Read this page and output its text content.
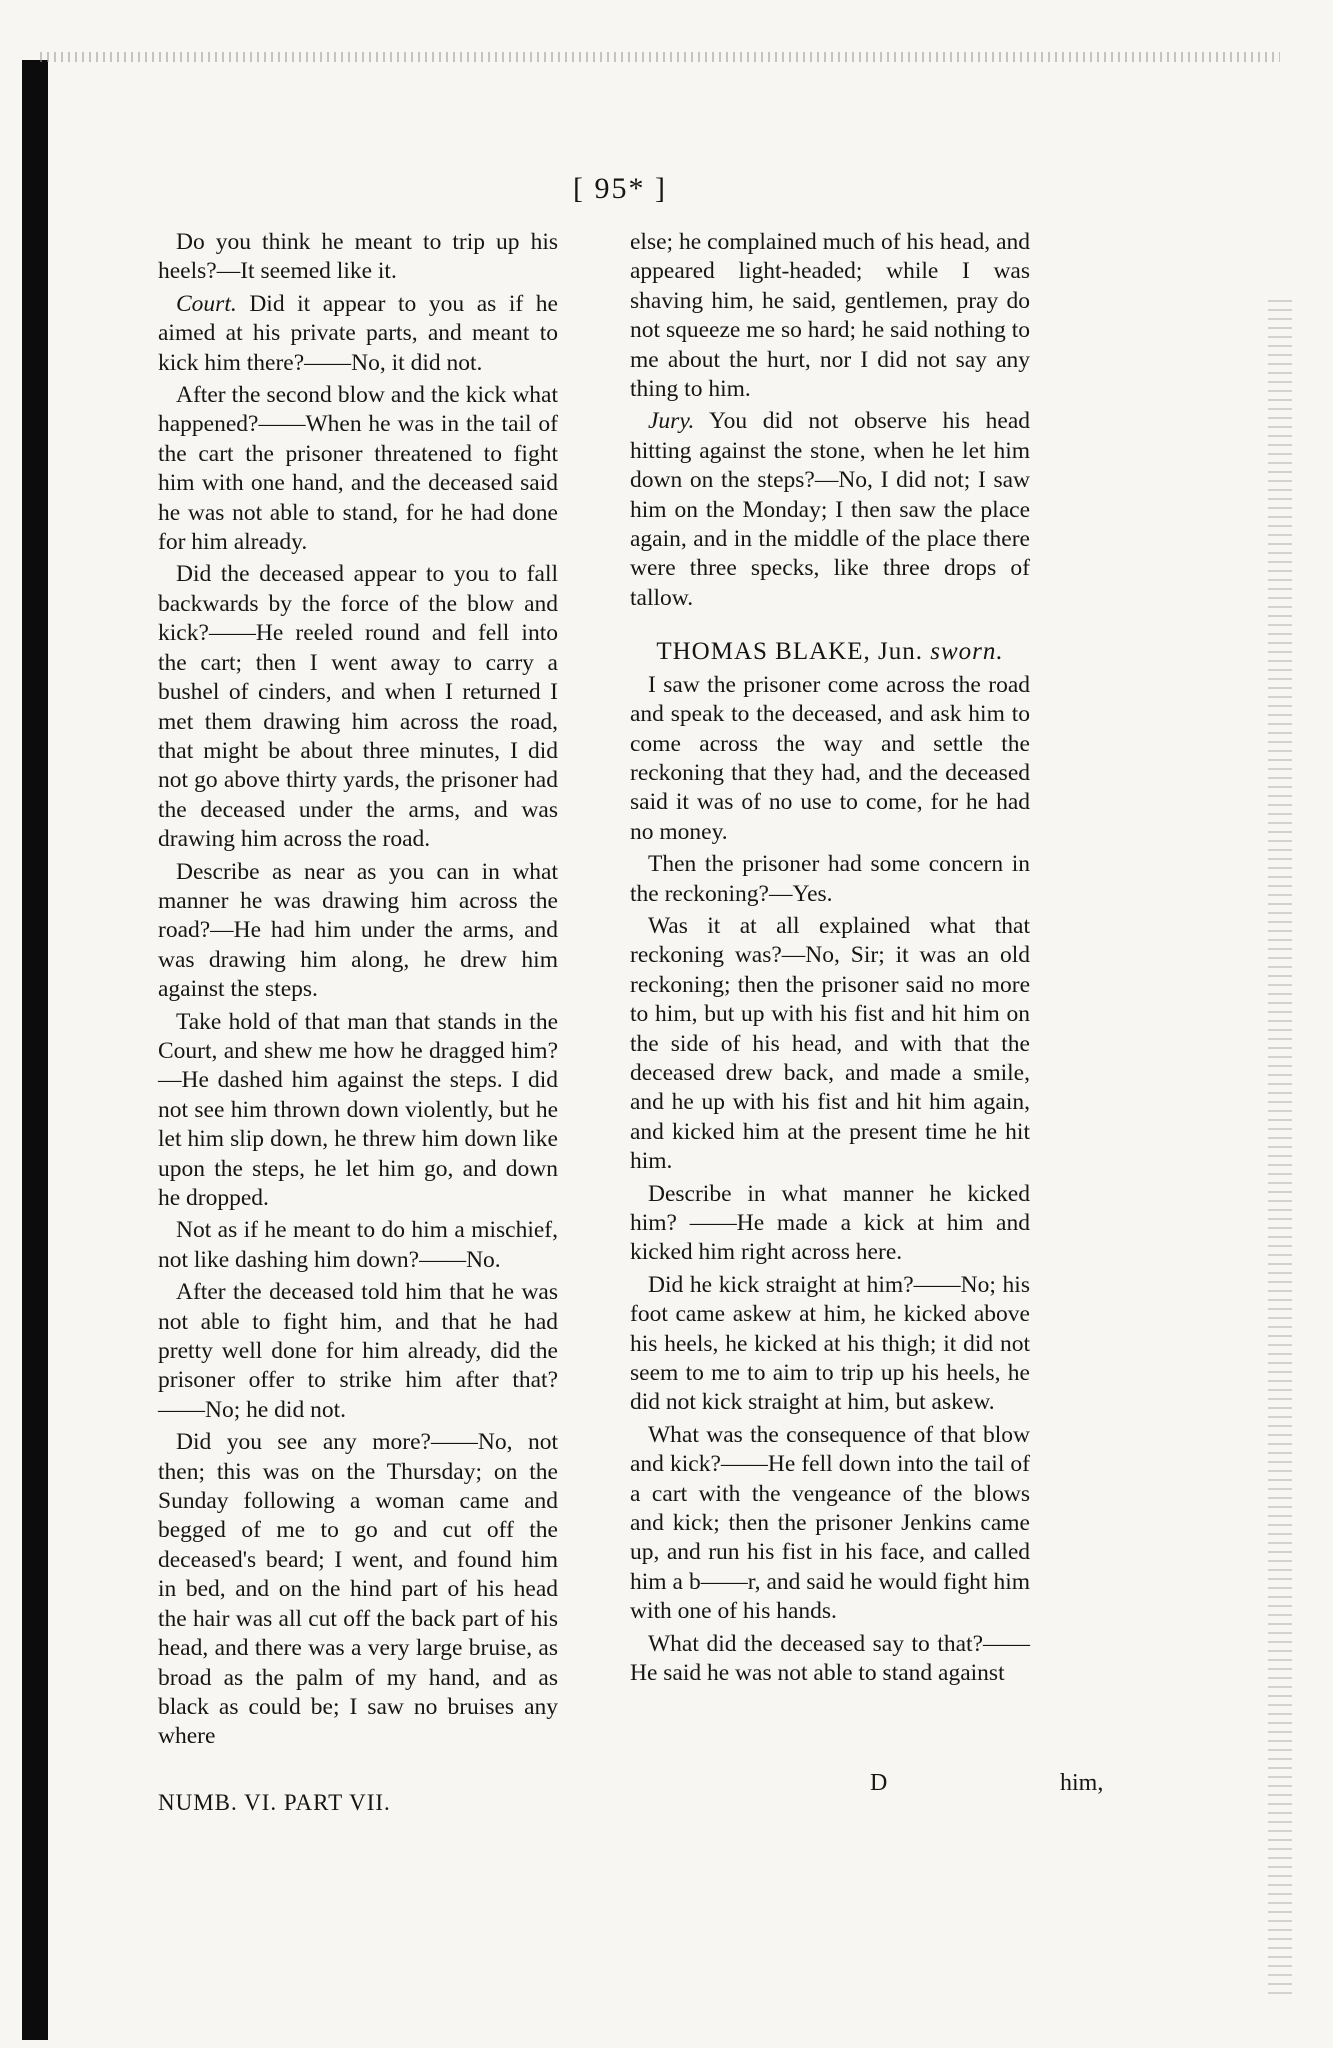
[ 95* ]

Do you think he meant to trip up his heels?—It seemed like it.

Court. Did it appear to you as if he aimed at his private parts, and meant to kick him there?——No, it did not.

After the second blow and the kick what happened?——When he was in the tail of the cart the prisoner threatened to fight him with one hand, and the deceased said he was not able to stand, for he had done for him already.

Did the deceased appear to you to fall backwards by the force of the blow and kick?——He reeled round and fell into the cart; then I went away to carry a bushel of cinders, and when I returned I met them drawing him across the road, that might be about three minutes, I did not go above thirty yards, the prisoner had the deceased under the arms, and was drawing him across the road.

Describe as near as you can in what manner he was drawing him across the road?—He had him under the arms, and was drawing him along, he drew him against the steps.

Take hold of that man that stands in the Court, and shew me how he dragged him?—He dashed him against the steps. I did not see him thrown down violently, but he let him slip down, he threw him down like upon the steps, he let him go, and down he dropped.

Not as if he meant to do him a mischief, not like dashing him down?——No.

After the deceased told him that he was not able to fight him, and that he had pretty well done for him already, did the prisoner offer to strike him after that?——No; he did not.

Did you see any more?——No, not then; this was on the Thursday; on the Sunday following a woman came and begged of me to go and cut off the deceased's beard; I went, and found him in bed, and on the hind part of his head the hair was all cut off the back part of his head, and there was a very large bruise, as broad as the palm of my hand, and as black as could be; I saw no bruises any where

else; he complained much of his head, and appeared light-headed; while I was shaving him, he said, gentlemen, pray do not squeeze me so hard; he said nothing to me about the hurt, nor I did not say any thing to him.

Jury. You did not observe his head hitting against the stone, when he let him down on the steps?—No, I did not; I saw him on the Monday; I then saw the place again, and in the middle of the place there were three specks, like three drops of tallow.

THOMAS BLAKE, Jun. sworn.

I saw the prisoner come across the road and speak to the deceased, and ask him to come across the way and settle the reckoning that they had, and the deceased said it was of no use to come, for he had no money.

Then the prisoner had some concern in the reckoning?—Yes.

Was it at all explained what that reckoning was?—No, Sir; it was an old reckoning; then the prisoner said no more to him, but up with his fist and hit him on the side of his head, and with that the deceased drew back, and made a smile, and he up with his fist and hit him again, and kicked him at the present time he hit him.

Describe in what manner he kicked him? ——He made a kick at him and kicked him right across here.

Did he kick straight at him?——No; his foot came askew at him, he kicked above his heels, he kicked at his thigh; it did not seem to me to aim to trip up his heels, he did not kick straight at him, but askew.

What was the consequence of that blow and kick?——He fell down into the tail of a cart with the vengeance of the blows and kick; then the prisoner Jenkins came up, and run his fist in his face, and called him a b——r, and said he would fight him with one of his hands.

What did the deceased say to that?—— He said he was not able to stand against

NUMB. VI. PART VII.
D	him,
